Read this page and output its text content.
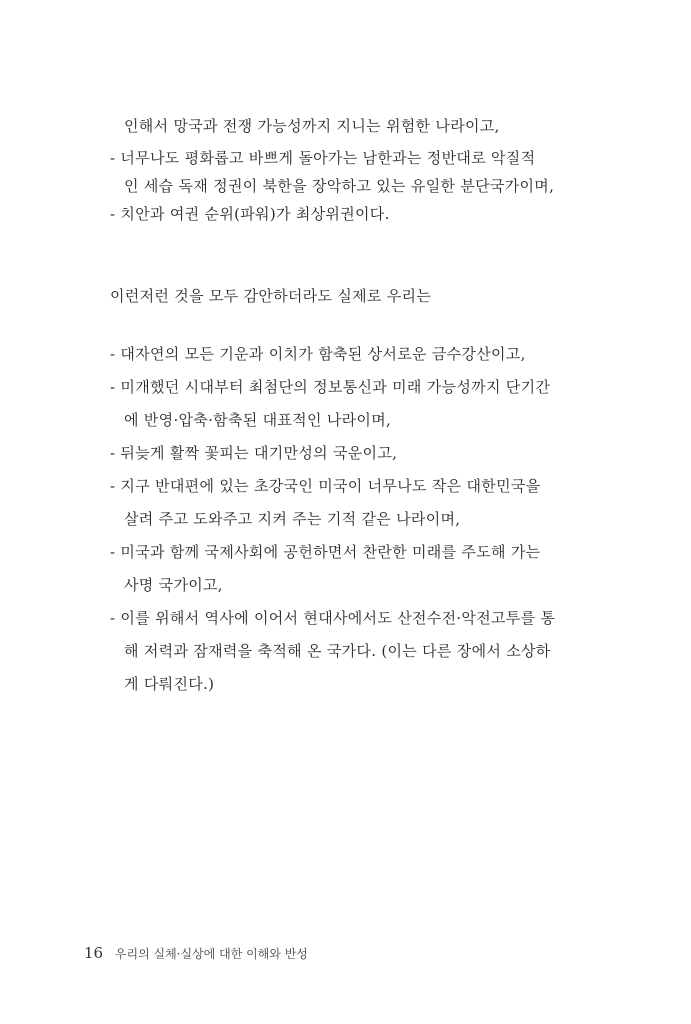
인해서 망국과 전쟁 가능성까지 지니는 위험한 나라이고,
- 너무나도 평화롭고 바쁘게 돌아가는 남한과는 정반대로 악질적
인 세습 독재 정권이 북한을 장악하고 있는 유일한 분단국가이며,
- 치안과 여권 순위(파워)가 최상위권이다.
이런저런 것을 모두 감안하더라도 실제로 우리는
- 대자연의 모든 기운과 이치가 함축된 상서로운 금수강산이고,
- 미개했던 시대부터 최첨단의 정보통신과 미래 가능성까지 단기간
에 반영·압축·함축된 대표적인 나라이며,
- 뒤늦게 활짝 꽃피는 대기만성의 국운이고,
- 지구 반대편에 있는 초강국인 미국이 너무나도 작은 대한민국을
살려 주고 도와주고 지켜 주는 기적 같은 나라이며,
- 미국과 함께 국제사회에 공헌하면서 찬란한 미래를 주도해 가는
사명 국가이고,
- 이를 위해서 역사에 이어서 현대사에서도 산전수전·악전고투를 통
해 저력과 잠재력을 축적해 온 국가다. (이는 다른 장에서 소상하
게 다뤄진다.)
16 우리의 실체·실상에 대한 이해와 반성
